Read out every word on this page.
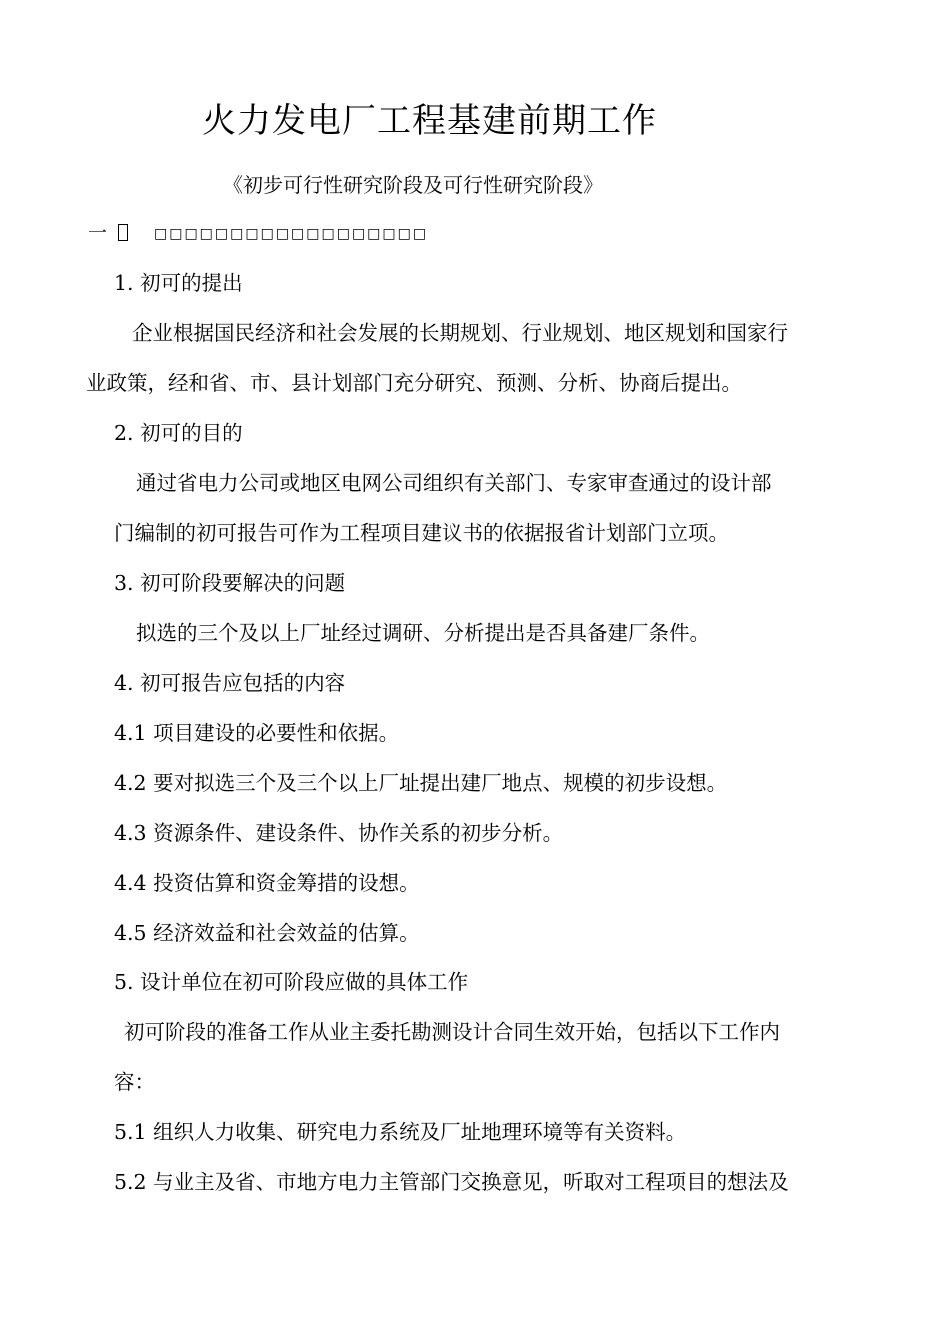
火力发电厂工程基建前期工作
《初步可行性研究阶段及可行性研究阶段》
一	□□□□□□□□□□□□□□□□□□
1. 初可的提出
企业根据国民经济和社会发展的长期规划、行业规划、地区规划和国家行
业政策，经和省、市、县计划部门充分研究、预测、分析、协商后提出。
2. 初可的目的
通过省电力公司或地区电网公司组织有关部门、专家审查通过的设计部
门编制的初可报告可作为工程项目建议书的依据报省计划部门立项。
3. 初可阶段要解决的问题
拟选的三个及以上厂址经过调研、分析提出是否具备建厂条件。
4. 初可报告应包括的内容
4.1 项目建设的必要性和依据。
4.2 要对拟选三个及三个以上厂址提出建厂地点、规模的初步设想。
4.3 资源条件、建设条件、协作关系的初步分析。
4.4 投资估算和资金筹措的设想。
4.5 经济效益和社会效益的估算。
5. 设计单位在初可阶段应做的具体工作
初可阶段的准备工作从业主委托勘测设计合同生效开始，包括以下工作内
容：
5.1 组织人力收集、研究电力系统及厂址地理环境等有关资料。
5.2 与业主及省、市地方电力主管部门交换意见，听取对工程项目的想法及
